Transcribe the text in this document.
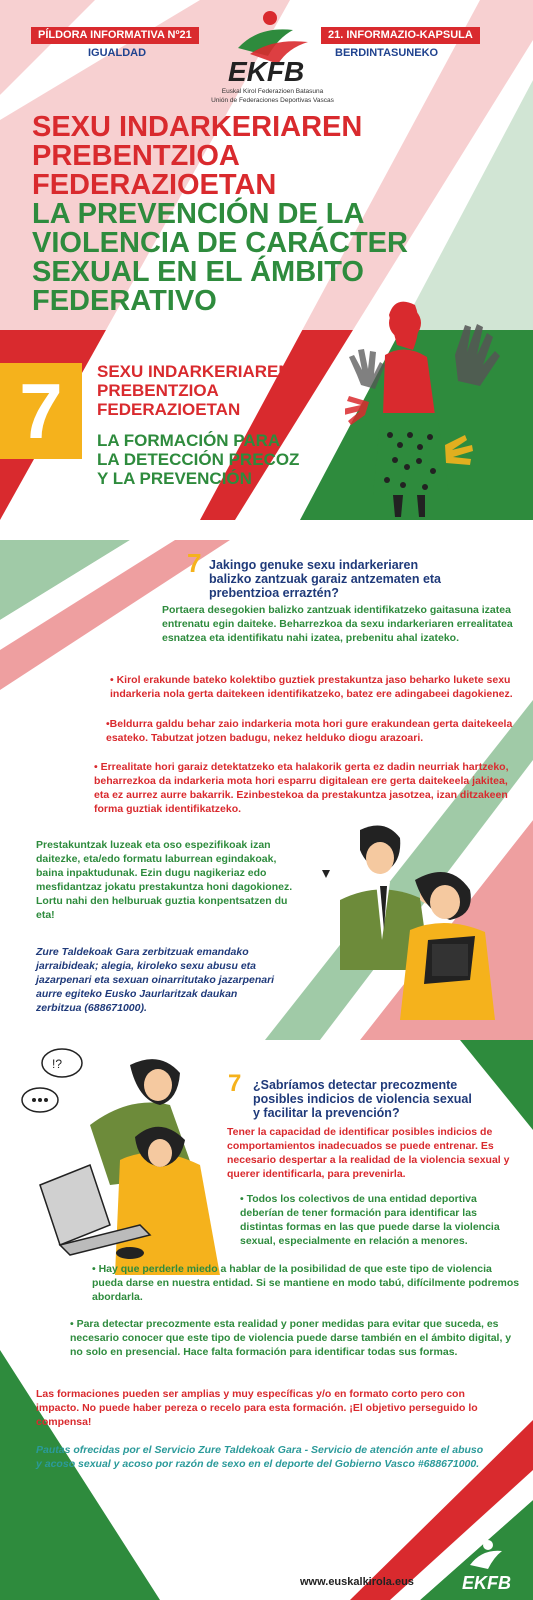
PÍLDORA INFORMATIVA Nº21
IGUALDAD
21. INFORMAZIO-KAPSULA
BERDINTASUNEKO
EKFB
Euskal Kirol Federazioen Batasuna
Unión de Federaciones Deportivas Vascas
SEXU INDARKERIAREN
PREBENTZIOA
FEDERAZIOETAN
LA PREVENCIÓN DE LA
VIOLENCIA DE CARÁCTER
SEXUAL EN EL ÁMBITO
FEDERATIVO
7	SEXU INDARKERIAREN
PREBENTZIOA
FEDERAZIOETAN
LA FORMACIÓN PARA
LA DETECCIÓN PRECOZ
Y LA PREVENCIÓN
7 Jakingo genuke sexu indarkeriaren
balizko zantzuak garaiz antzematen eta
prebentzioa erraztén?

Portaera desegokien balizko zantzuak identifikatzeko gaitasuna izatea entrenatu egin daiteke. Beharrezkoa da sexu indarkeriaren errealitatea esnatzea eta identifikatu nahi izatea, prebenitu ahal izateko.

• Kirol erakunde bateko kolektibo guztiek prestakuntza jaso beharko lukete sexu indarkeria nola gerta daitekeen identifikatzeko, batez ere adingabeei dagokienez.

•Beldurra galdu behar zaio indarkeria mota hori gure erakundean gerta daitekeela esateko. Tabutzat jotzen badugu, nekez helduko diogu arazoari.

• Errealitate hori garaiz detektatzeko eta halakorik gerta ez dadin neurriak hartzeko, beharrezkoa da indarkeria mota hori esparru digitalean ere gerta daitekeela jakitea, eta ez aurrez aurre bakarrik. Ezinbestekoa da prestakuntza jasotzea, izan ditzakeen forma guztiak identifikatzeko.

Prestakuntzak luzeak eta oso espezifikoak izan daitezke, eta/edo formatu laburrean egindakoak, baina inpaktudunak. Ezin dugu nagikeriaz edo mesfidantzaz jokatu prestakuntza honi dagokionez. Lortu nahi den helburuak guztia konpentsatzen du eta!

Zure Taldekoak Gara zerbitzuak emandako jarraibideak; alegia, kiroleko sexu abusu eta jazarpenari eta sexuan oinarritutako jazarpenari aurre egiteko Eusko Jaurlaritzak daukan zerbitzua (688671000).

!?
7 ¿Sabríamos detectar precozmente
posibles indicios de violencia sexual
y facilitar la prevención?

Tener la capacidad de identificar posibles indicios de comportamientos inadecuados se puede entrenar. Es necesario despertar a la realidad de la violencia sexual y querer identificarla, para prevenirla.

• Todos los colectivos de una entidad deportiva deberían de tener formación para identificar las distintas formas en las que puede darse la violencia sexual, especialmente en relación a menores.

• Hay que perderle miedo a hablar de la posibilidad de que este tipo de violencia pueda darse en nuestra entidad. Si se mantiene en modo tabú, difícilmente podremos abordarla.

• Para detectar precozmente esta realidad y poner medidas para evitar que suceda, es necesario conocer que este tipo de violencia puede darse también en el ámbito digital, y no solo en presencial. Hace falta formación para identificar todas sus formas.

Las formaciones pueden ser amplias y muy específicas y/o en formato corto pero con impacto. No puede haber pereza o recelo para esta formación. ¡El objetivo perseguido lo compensa!

Pautas ofrecidas por el Servicio Zure Taldekoak Gara - Servicio de atención ante el abuso y acoso sexual y acoso por razón de sexo en el deporte del Gobierno Vasco #688671000.

www.euskalkirola.eus	EKFB
